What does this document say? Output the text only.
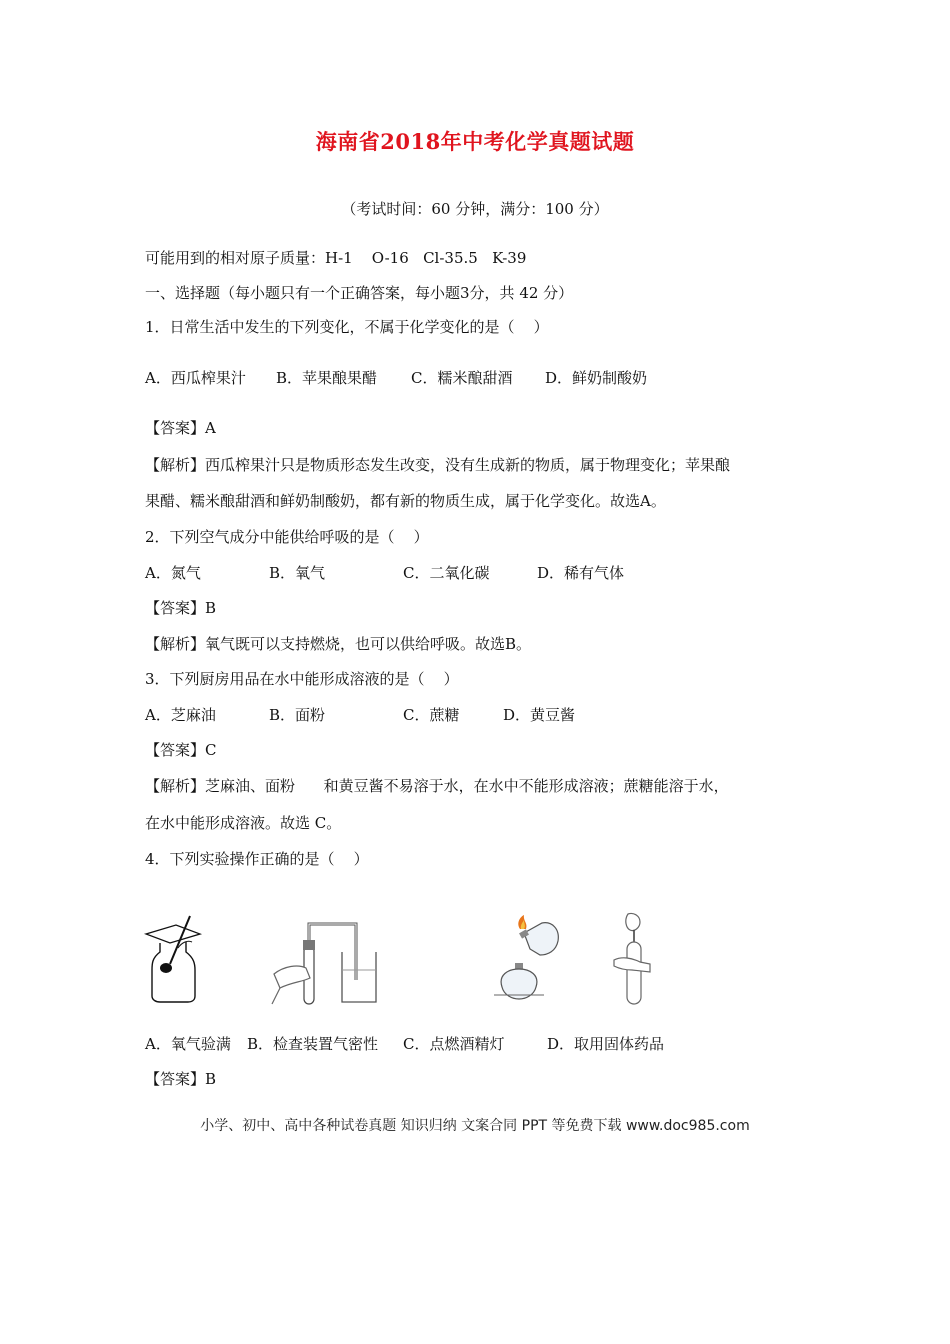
海南省2018年中考化学真题试题
（考试时间：60 分钟，满分：100 分）
可能用到的相对原子质量：H-1    O-16   Cl-35.5   K-39
一、选择题（每小题只有一个正确答案，每小题3分，共 42 分）
1．日常生活中发生的下列变化，不属于化学变化的是（    ）
A．西瓜榨果汁 B．苹果酿果醋 C．糯米酿甜酒 D．鲜奶制酸奶
【答案】A
【解析】西瓜榨果汁只是物质形态发生改变，没有生成新的物质，属于物理变化；苹果酿
果醋、糯米酿甜酒和鲜奶制酸奶，都有新的物质生成，属于化学变化。故选A。
2．下列空气成分中能供给呼吸的是（    ）
A．氮气	B．氧气	C．二氧化碳	D．稀有气体
【答案】B
【解析】氧气既可以支持燃烧，也可以供给呼吸。故选B。
3．下列厨房用品在水中能形成溶液的是（    ）
A．芝麻油	B．面粉	C．蔗糖	D．黄豆酱
【答案】C
【解析】芝麻油、面粉      和黄豆酱不易溶于水，在水中不能形成溶液；蔗糖能溶于水，
在水中能形成溶液。故选 C。
4．下列实验操作正确的是（    ）
A．氧气验满 B．检查装置气密性 C．点燃酒精灯	D．取用固体药品
【答案】B
小学、初中、高中各种试卷真题 知识归纳 文案合同 PPT 等免费下载 www.doc985.com
